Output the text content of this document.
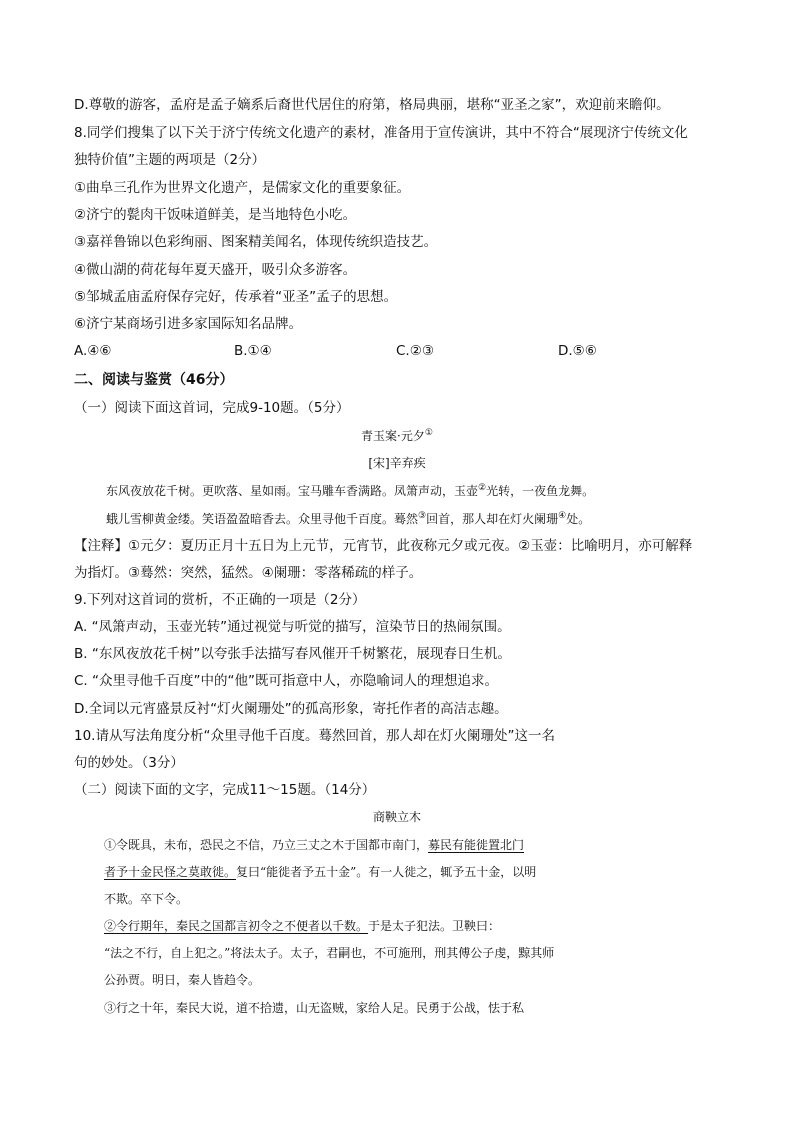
D.尊敬的游客，孟府是孟子嫡系后裔世代居住的府第，格局典丽，堪称“亚圣之家”，欢迎前来瞻仰。
8.同学们搜集了以下关于济宁传统文化遗产的素材，准备用于宣传演讲，其中不符合“展现济宁传统文化
独特价值”主题的两项是（2分）
①曲阜三孔作为世界文化遗产，是儒家文化的重要象征。
②济宁的甏肉干饭味道鲜美，是当地特色小吃。
③嘉祥鲁锦以色彩绚丽、图案精美闻名，体现传统织造技艺。
④微山湖的荷花每年夏天盛开，吸引众多游客。
⑤邹城孟庙孟府保存完好，传承着“亚圣”孟子的思想。
⑥济宁某商场引进多家国际知名品牌。
A.④⑥	B.①④	C.②③	D.⑤⑥
二、阅读与鉴赏（46分）
（一）阅读下面这首词，完成9-10题。（5分）
青玉案·元夕①
[宋]辛弃疾
东风夜放花千树。更吹落、星如雨。宝马雕车香满路。凤箫声动，玉壶②光转，一夜鱼龙舞。
蛾儿雪柳黄金缕。笑语盈盈暗香去。众里寻他千百度。蓦然③回首，那人却在灯火阑珊④处。
【注释】①元夕：夏历正月十五日为上元节，元宵节，此夜称元夕或元夜。②玉壶：比喻明月，亦可解释
为指灯。③蓦然：突然，猛然。④阑珊：零落稀疏的样子。
9.下列对这首词的赏析，不正确的一项是（2分）
A. “凤箫声动，玉壶光转”通过视觉与听觉的描写，渲染节日的热闹氛围。
B. “东风夜放花千树”以夸张手法描写春风催开千树繁花，展现春日生机。
C. “众里寻他千百度”中的“他”既可指意中人，亦隐喻词人的理想追求。
D.全词以元宵盛景反衬“灯火阑珊处”的孤高形象，寄托作者的高洁志趣。
10.请从写法角度分析“众里寻他千百度。蓦然回首，那人却在灯火阑珊处”这一名
句的妙处。（3分）
（二）阅读下面的文字，完成11～15题。（14分）
商鞅立木
①令既具，未布，恐民之不信，乃立三丈之木于国都市南门，募民有能徙置北门
者予十金民怪之莫敢徙。复曰“能徙者予五十金”。有一人徙之，辄予五十金，以明
不欺。卒下令。
②令行期年，秦民之国都言初令之不便者以千数。于是太子犯法。卫鞅曰：
“法之不行，自上犯之。”将法太子。太子，君嗣也，不可施刑，刑其傅公子虔，黥其师
公孙贾。明日，秦人皆趋令。
③行之十年，秦民大说，道不拾遗，山无盗贼，家给人足。民勇于公战，怯于私
